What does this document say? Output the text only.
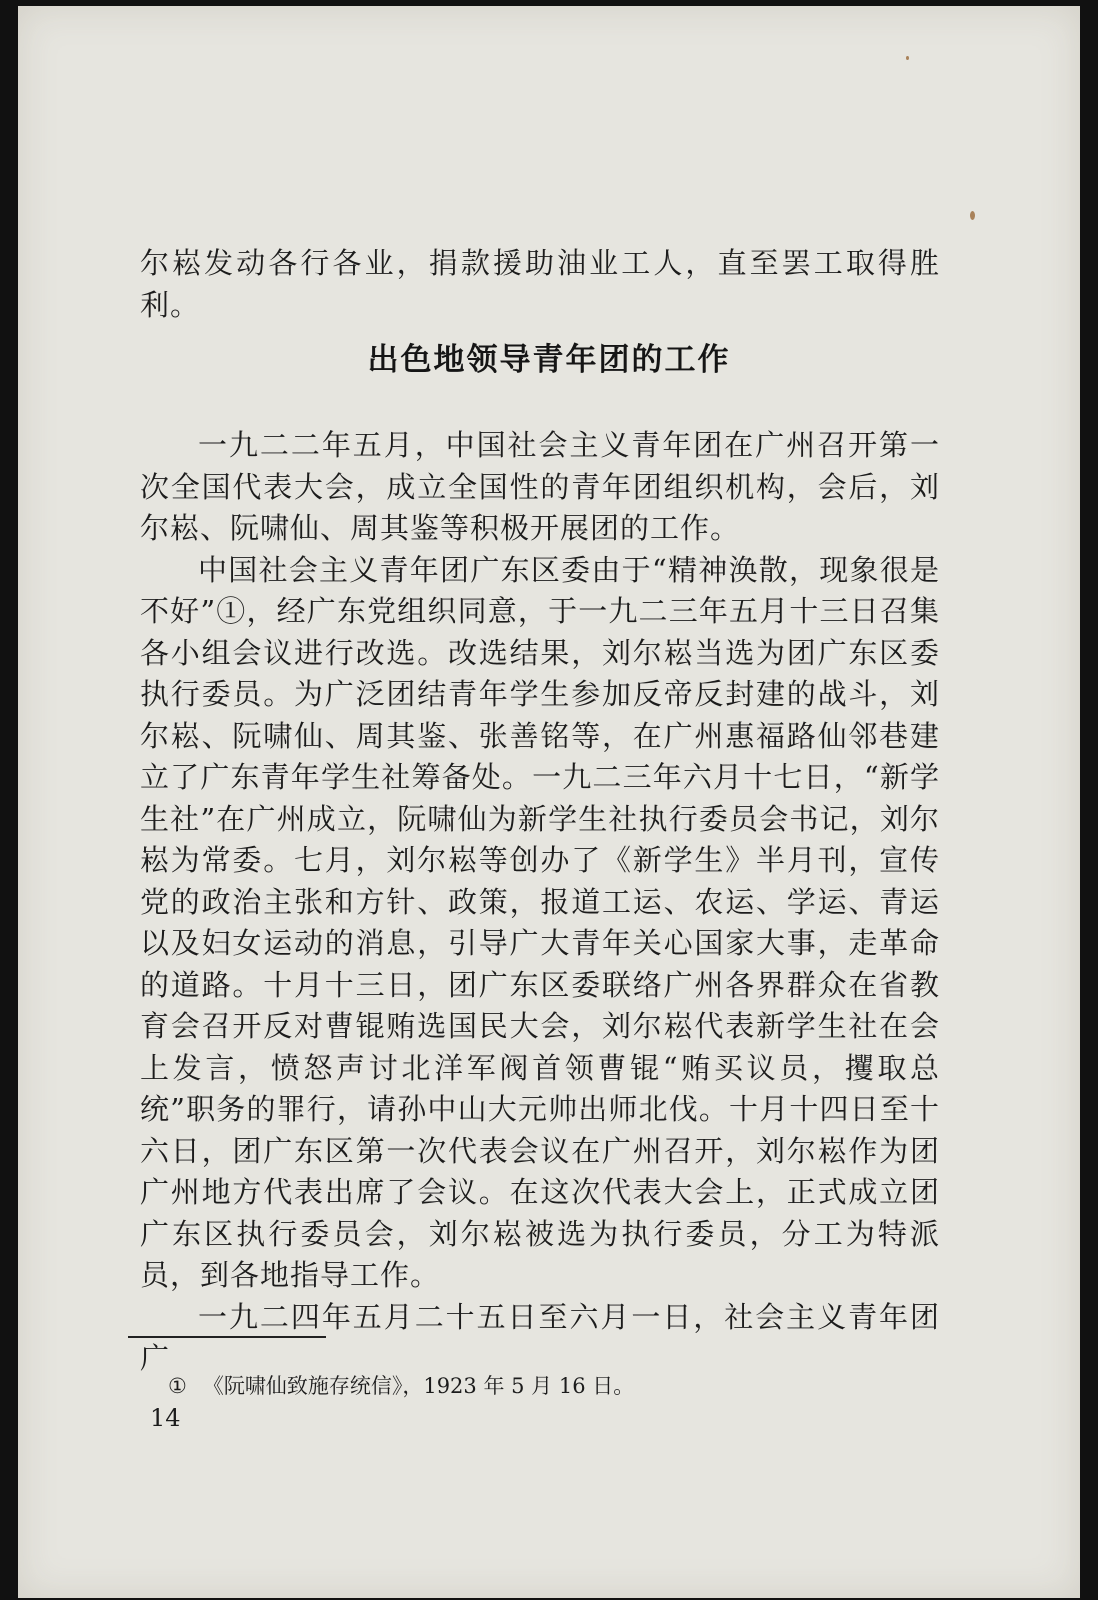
尔崧发动各行各业，捐款援助油业工人，直至罢工取得胜利。
出色地领导青年团的工作

一九二二年五月，中国社会主义青年团在广州召开第一次全国代表大会，成立全国性的青年团组织机构，会后，刘尔崧、阮啸仙、周其鉴等积极开展团的工作。

中国社会主义青年团广东区委由于“精神涣散，现象很是不好”①，经广东党组织同意，于一九二三年五月十三日召集各小组会议进行改选。改选结果，刘尔崧当选为团广东区委执行委员。为广泛团结青年学生参加反帝反封建的战斗，刘尔崧、阮啸仙、周其鉴、张善铭等，在广州惠福路仙邻巷建立了广东青年学生社筹备处。一九二三年六月十七日，“新学生社”在广州成立，阮啸仙为新学生社执行委员会书记，刘尔崧为常委。七月，刘尔崧等创办了《新学生》半月刊，宣传党的政治主张和方针、政策，报道工运、农运、学运、青运以及妇女运动的消息，引导广大青年关心国家大事，走革命的道路。十月十三日，团广东区委联络广州各界群众在省教育会召开反对曹锟贿选国民大会，刘尔崧代表新学生社在会上发言，愤怒声讨北洋军阀首领曹锟“贿买议员，攫取总统”职务的罪行，请孙中山大元帅出师北伐。十月十四日至十六日，团广东区第一次代表会议在广州召开，刘尔崧作为团广州地方代表出席了会议。在这次代表大会上，正式成立团广东区执行委员会，刘尔崧被选为执行委员，分工为特派员，到各地指导工作。

一九二四年五月二十五日至六月一日，社会主义青年团广

① 《阮啸仙致施存统信》，1923 年 5 月 16 日。
14
